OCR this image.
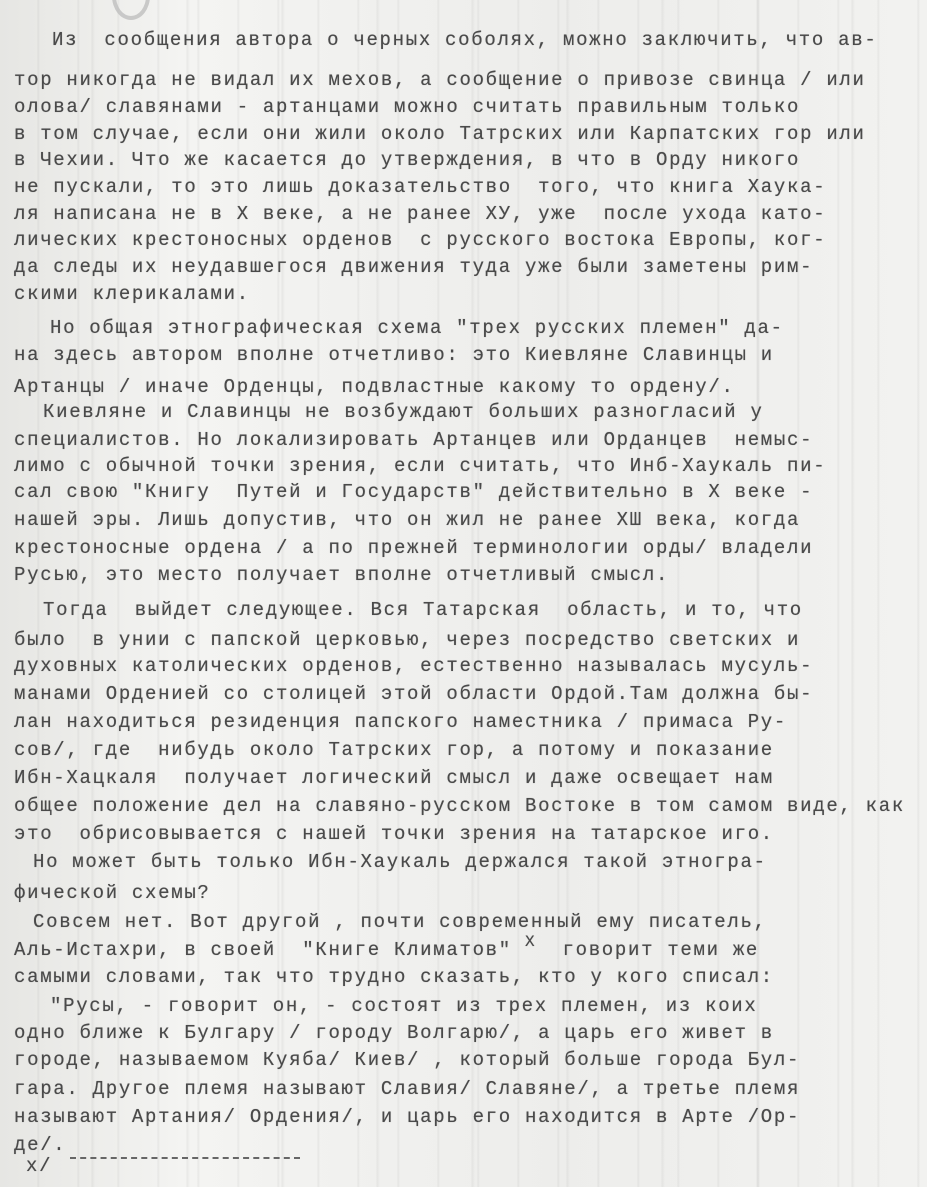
Из  сообщения автора о черных соболях, можно заключить, что ав-
тор никогда не видал их мехов, а сообщение о привозе свинца / или
олова/ славянами - артанцами можно считать правильным только
в том случае, если они жили около Татрских или Карпатских гор или
в Чехии. Что же касается до утверждения, в что в Орду никого
не пускали, то это лишь доказательство  того, что книга Хаука-
ля написана не в Х веке, а не ранее ХУ, уже  после ухода като-
лических крестоносных орденов  с русского востока Европы, ког-
да следы их неудавшегося движения туда уже были заметены рим-
скими клерикалами.
Но общая этнографическая схема "трех русских племен" да-
на здесь автором вполне отчетливо: это Киевляне Славинцы и
Артанцы / иначе Орденцы, подвластные какому то ордену/.
Киевляне и Славинцы не возбуждают больших разногласий у
специалистов. Но локализировать Артанцев или Орданцев  немыс-
лимо с обычной точки зрения, если считать, что Инб-Хаукаль пи-
сал свою "Книгу  Путей и Государств" действительно в Х веке -
нашей эры. Лишь допустив, что он жил не ранее ХШ века, когда
крестоносные ордена / а по прежней терминологии орды/ владели
Русью, это место получает вполне отчетливый смысл.
Тогда  выйдет следующее. Вся Татарская  область, и то, что
было  в унии с папской церковью, через посредство светских и
духовных католических орденов, естественно называлась мусуль-
манами Орденией со столицей этой области Ордой.Там должна бы-
лан находиться резиденция папского наместника / примаса Ру-
сов/, где  нибудь около Татрских гор, а потому и показание
Ибн-Хацкаля  получает логический смысл и даже освещает нам
общее положение дел на славяно-русском Востоке в том самом виде, как
это  обрисовывается с нашей точки зрения на татарское иго.
Но может быть только Ибн-Хаукаль держался такой этногра-
фической схемы?
Совсем нет. Вот другой , почти современный ему писатель,
Аль-Истахри, в своей  "Книге Климатов" $^Х$  говорит теми же
самыми словами, так что трудно сказать, кто у кого списал:
"Русы, - говорит он, - состоят из трех племен, из коих
одно ближе к Булгару / городу Волгарю/, а царь его живет в
городе, называемом Куяба/ Киев/ , который больше города Бул-
гара. Другое племя называют Славия/ Славяне/, а третье племя
называют Артания/ Ордения/, и царь его находится в Арте /Ор-
де/.
х/
